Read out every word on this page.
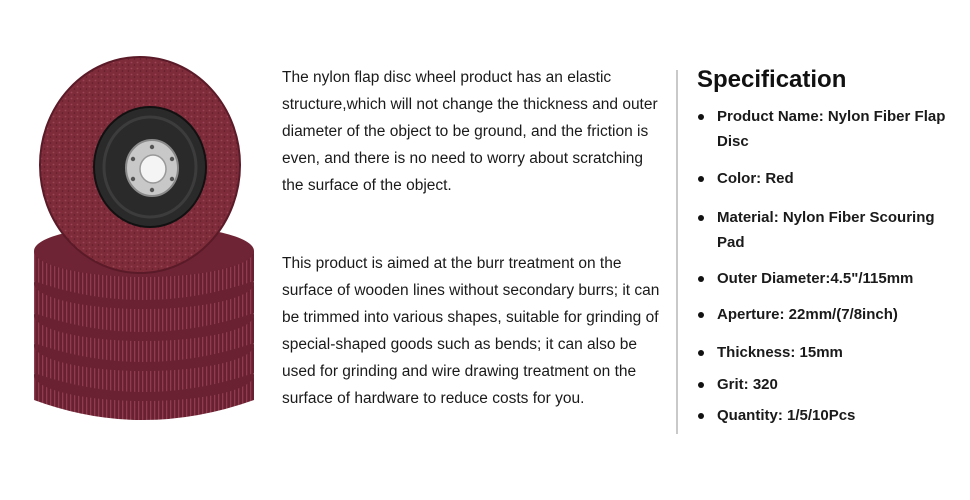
The nylon flap disc wheel product has an elastic structure,which will not change the thickness and outer diameter of the object to be ground, and the friction is even, and there is no need to worry about scratching the surface of the object.

This product is aimed at the burr treatment on the surface of wooden lines without secondary burrs; it can be trimmed into various shapes, suitable for grinding of special-shaped goods such as bends; it can also be used for grinding and wire drawing treatment on the surface of hardware to reduce costs for you.

Specification
Product Name: Nylon Fiber Flap Disc
Color: Red
Material: Nylon Fiber Scouring Pad
Outer Diameter:4.5"/115mm
Aperture: 22mm/(7/8inch)
Thickness: 15mm
Grit: 320
Quantity: 1/5/10Pcs
